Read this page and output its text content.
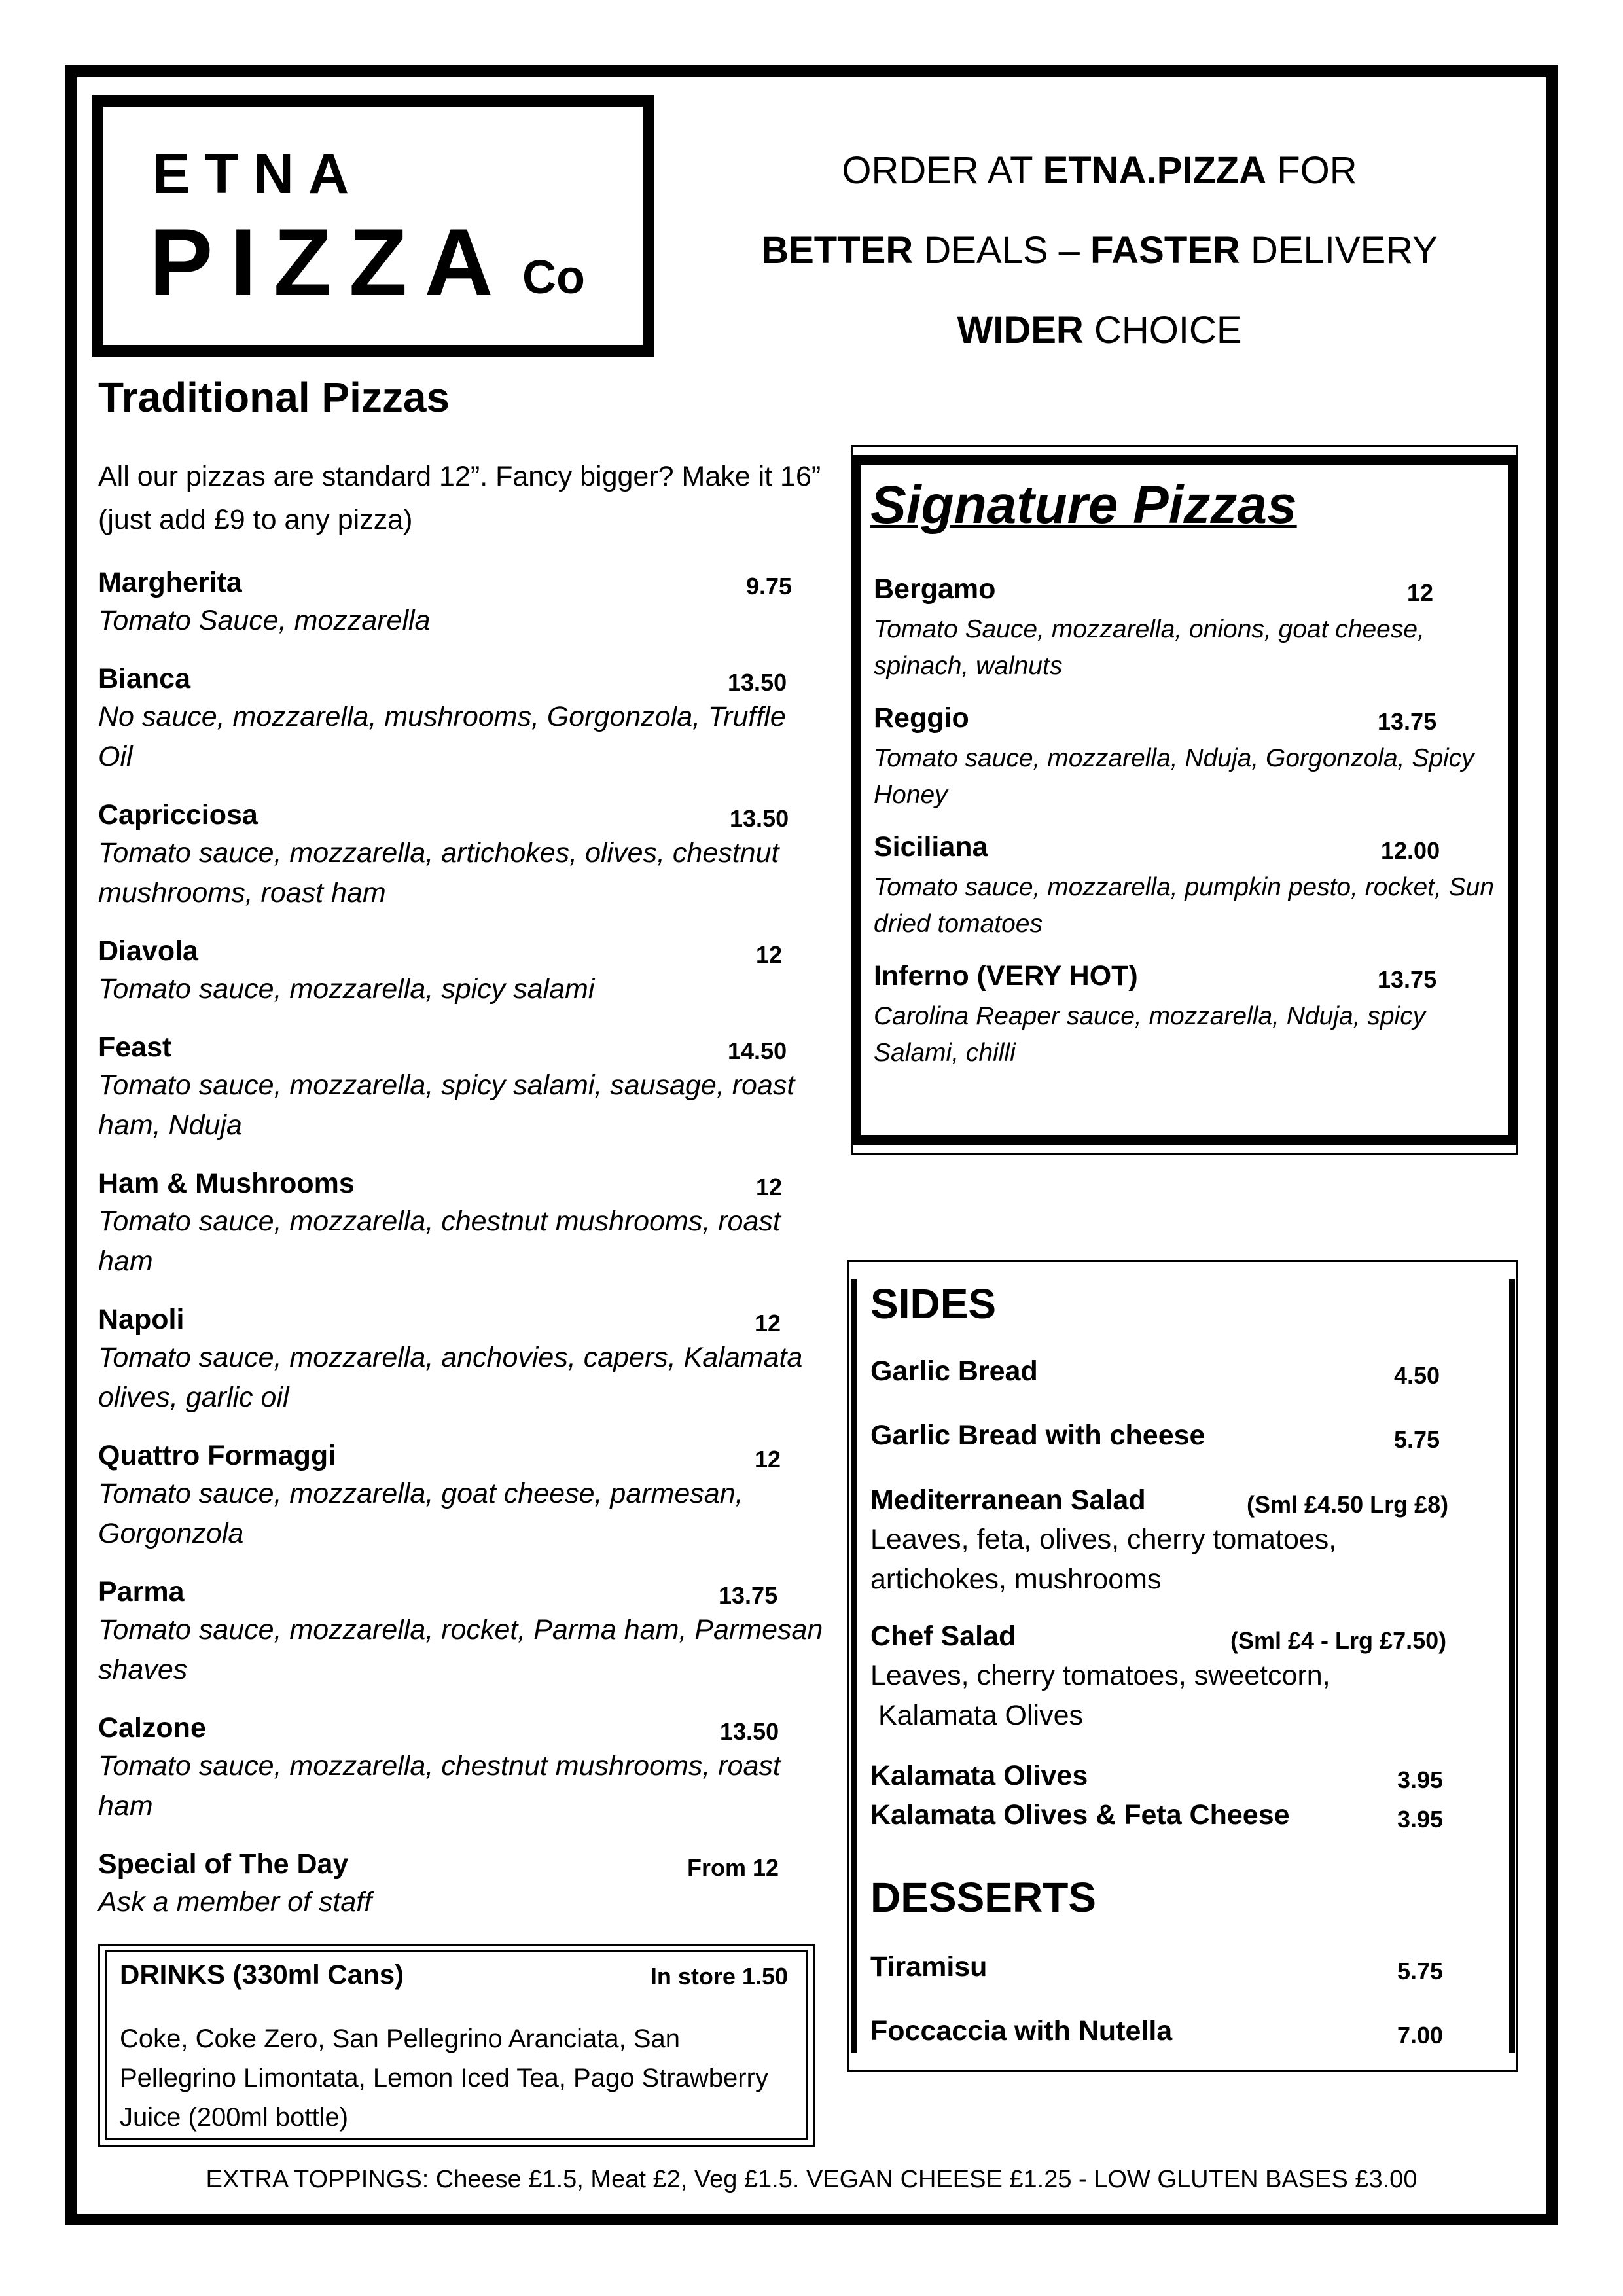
ETNA
PIZZA Co
ORDER AT ETNA.PIZZA FOR
BETTER DEALS – FASTER DELIVERY
WIDER CHOICE
Traditional Pizzas
All our pizzas are standard 12”. Fancy bigger? Make it 16” (just add £9 to any pizza)
Margherita	9.75
Tomato Sauce, mozzarella
Bianca	13.50
No sauce, mozzarella, mushrooms, Gorgonzola, Truffle Oil
Capricciosa	13.50
Tomato sauce, mozzarella, artichokes, olives, chestnut mushrooms, roast ham
Diavola	12
Tomato sauce, mozzarella, spicy salami
Feast	14.50
Tomato sauce, mozzarella, spicy salami, sausage, roast ham, Nduja
Ham & Mushrooms	12
Tomato sauce, mozzarella, chestnut mushrooms, roast ham
Napoli	12
Tomato sauce, mozzarella, anchovies, capers, Kalamata olives, garlic oil
Quattro Formaggi	12
Tomato sauce, mozzarella, goat cheese, parmesan, Gorgonzola
Parma	13.75
Tomato sauce, mozzarella, rocket, Parma ham, Parmesan shaves
Calzone	13.50
Tomato sauce, mozzarella, chestnut mushrooms, roast ham
Special of The Day	From 12
Ask a member of staff
DRINKS (330ml Cans)	In store 1.50
Coke, Coke Zero, San Pellegrino Aranciata, San Pellegrino Limontata, Lemon Iced Tea, Pago Strawberry Juice (200ml bottle)
Signature Pizzas
Bergamo	12
Tomato Sauce, mozzarella, onions, goat cheese, spinach, walnuts
Reggio	13.75
Tomato sauce, mozzarella, Nduja, Gorgonzola, Spicy Honey
Siciliana	12.00
Tomato sauce, mozzarella, pumpkin pesto, rocket, Sun dried tomatoes
Inferno (VERY HOT)	13.75
Carolina Reaper sauce, mozzarella, Nduja, spicy Salami, chilli
SIDES
Garlic Bread	4.50
Garlic Bread with cheese	5.75
Mediterranean Salad	(Sml £4.50 Lrg £8)
Leaves, feta, olives, cherry tomatoes,
artichokes, mushrooms
Chef Salad	(Sml £4 - Lrg £7.50)
Leaves, cherry tomatoes, sweetcorn,
Kalamata Olives
Kalamata Olives	3.95
Kalamata Olives & Feta Cheese	3.95
DESSERTS
Tiramisu	5.75
Foccaccia with Nutella	7.00
EXTRA TOPPINGS: Cheese £1.5, Meat £2, Veg £1.5. VEGAN CHEESE £1.25 - LOW GLUTEN BASES £3.00
